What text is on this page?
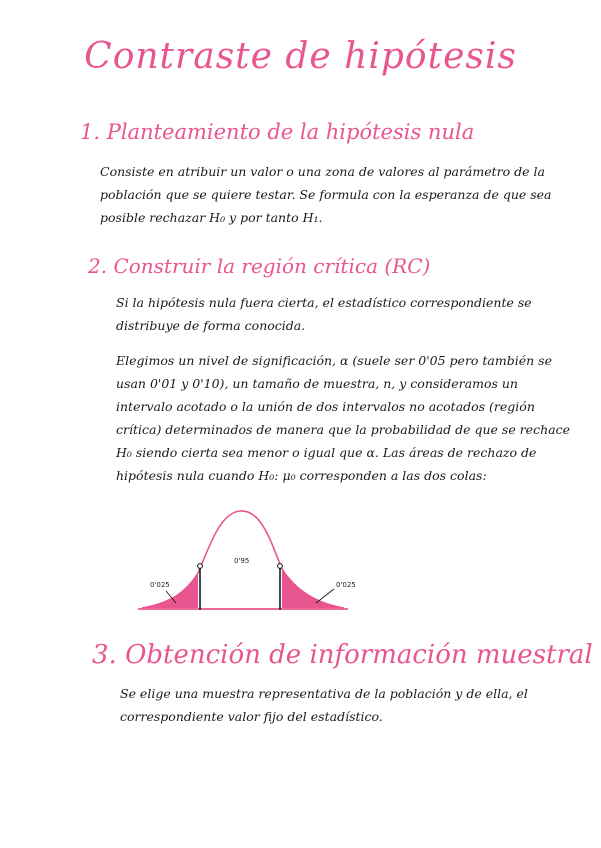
Contraste de hipótesis
1. Planteamiento de la hipótesis nula
Consiste en atribuir un valor o una zona de valores al parámetro de la población que se quiere testar. Se formula con la esperanza de que sea posible rechazar H₀ y por tanto H₁.
2. Construir la región crítica (RC)
Si la hipótesis nula fuera cierta, el estadístico correspondiente se distribuye de forma conocida.
Elegimos un nivel de significación, α (suele ser 0'05 pero también se usan 0'01 y 0'10), un tamaño de muestra, n, y consideramos un intervalo acotado o la unión de dos intervalos no acotados (región crítica) determinados de manera que la probabilidad de que se rechace H₀ siendo cierta sea menor o igual que α. Las áreas de rechazo de hipótesis nula cuando H₀: μ₀ corresponden a las dos colas:
0'95
0'025	0'025
3. Obtención de información muestral
Se elige una muestra representativa de la población y de ella, el correspondiente valor fijo del estadístico.
